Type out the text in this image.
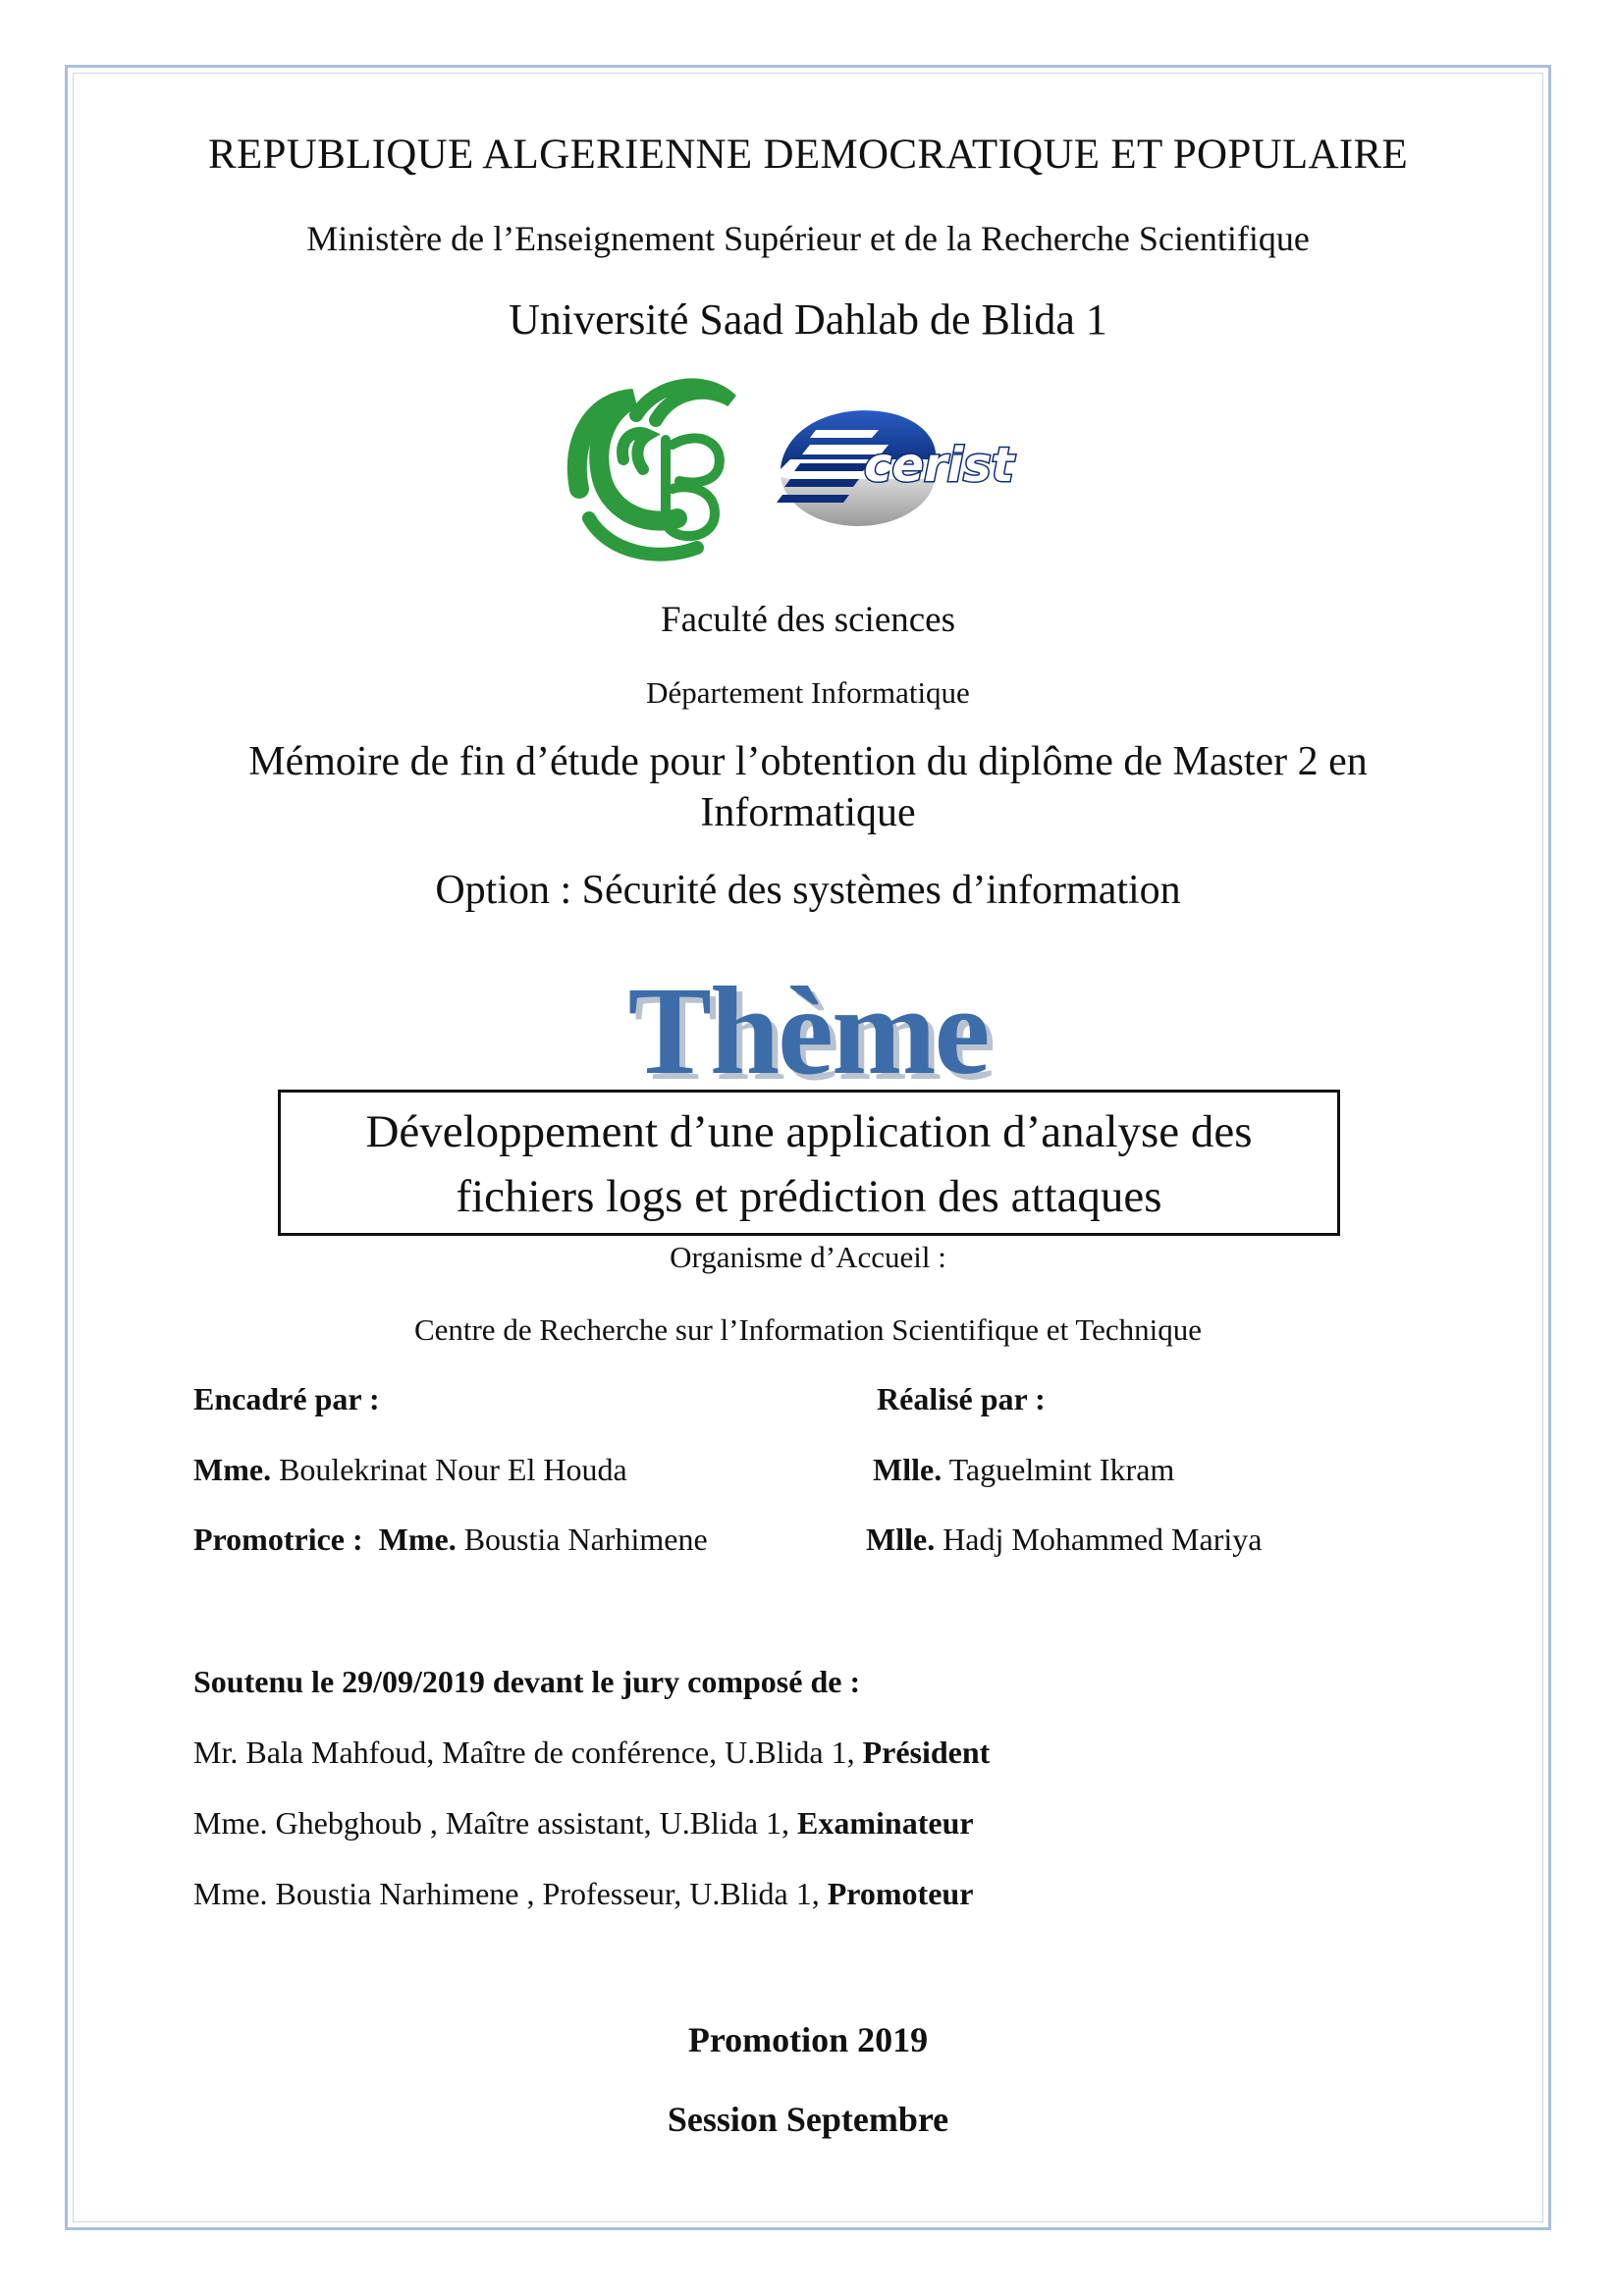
REPUBLIQUE ALGERIENNE DEMOCRATIQUE ET POPULAIRE
Ministère de l’Enseignement Supérieur et de la Recherche Scientifique
Université Saad Dahlab de Blida 1
cerist
Faculté des sciences
Département Informatique
Mémoire de fin d’étude pour l’obtention du diplôme de Master 2 en
Informatique
Option : Sécurité des systèmes d’information
Thème
Développement d’une application d’analyse des
fichiers logs et prédiction des attaques
Organisme d’Accueil :
Centre de Recherche sur l’Information Scientifique et Technique
Encadré par :	Réalisé par :
Mme. Boulekrinat Nour El Houda	Mlle. Taguelmint Ikram
Promotrice : Mme. Boustia Narhimene	Mlle. Hadj Mohammed Mariya
Soutenu le 29/09/2019 devant le jury composé de :
Mr. Bala Mahfoud, Maître de conférence, U.Blida 1, Président
Mme. Ghebghoub , Maître assistant, U.Blida 1, Examinateur
Mme. Boustia Narhimene , Professeur, U.Blida 1, Promoteur
Promotion 2019
Session Septembre
